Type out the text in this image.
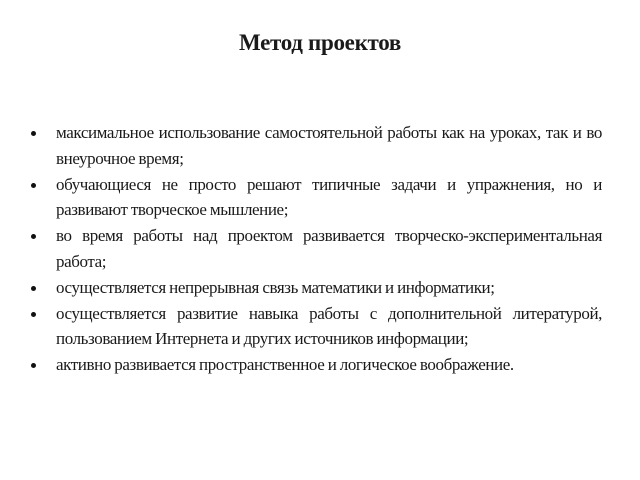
Метод проектов
максимальное использование самостоятельной работы как на уроках, так и во внеурочное время;
обучающиеся не просто решают типичные задачи и упражнения, но и развивают творческое мышление;
во время работы над проектом развивается творческо-экспериментальная работа;
осуществляется непрерывная связь математики и информатики;
осуществляется развитие навыка работы с дополнительной литературой, пользованием Интернета и других источников информации;
активно развивается пространственное и логическое воображение.
